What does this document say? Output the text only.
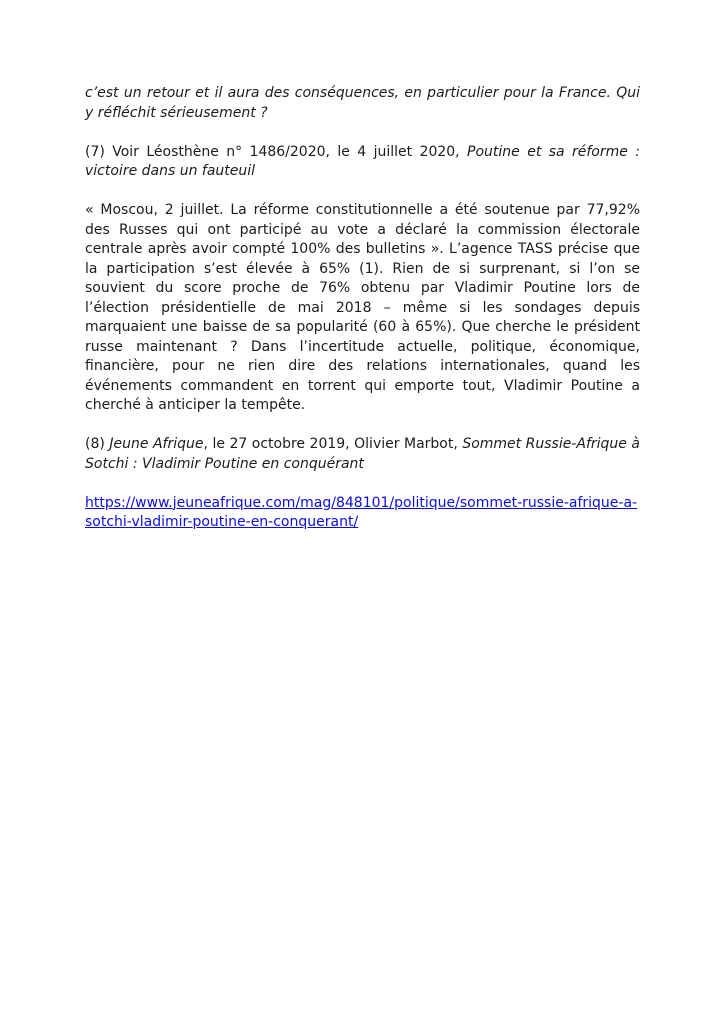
c’est un retour et il aura des conséquences, en particulier pour la France. Qui y réfléchit sérieusement ?

(7) Voir Léosthène n° 1486/2020, le 4 juillet 2020, Poutine et sa réforme : victoire dans un fauteuil

« Moscou, 2 juillet. La réforme constitutionnelle a été soutenue par 77,92% des Russes qui ont participé au vote a déclaré la commission électorale centrale après avoir compté 100% des bulletins ». L’agence TASS précise que la participation s’est élevée à 65% (1). Rien de si surprenant, si l’on se souvient du score proche de 76% obtenu par Vladimir Poutine lors de l’élection présidentielle de mai 2018 – même si les sondages depuis marquaient une baisse de sa popularité (60 à 65%). Que cherche le président russe maintenant ? Dans l’incertitude actuelle, politique, économique, financière, pour ne rien dire des relations internationales, quand les événements commandent en torrent qui emporte tout, Vladimir Poutine a cherché à anticiper la tempête.

(8) Jeune Afrique, le 27 octobre 2019, Olivier Marbot, Sommet Russie-Afrique à Sotchi : Vladimir Poutine en conquérant

https://www.jeuneafrique.com/mag/848101/politique/sommet-russie-afrique-a-sotchi-vladimir-poutine-en-conquerant/
